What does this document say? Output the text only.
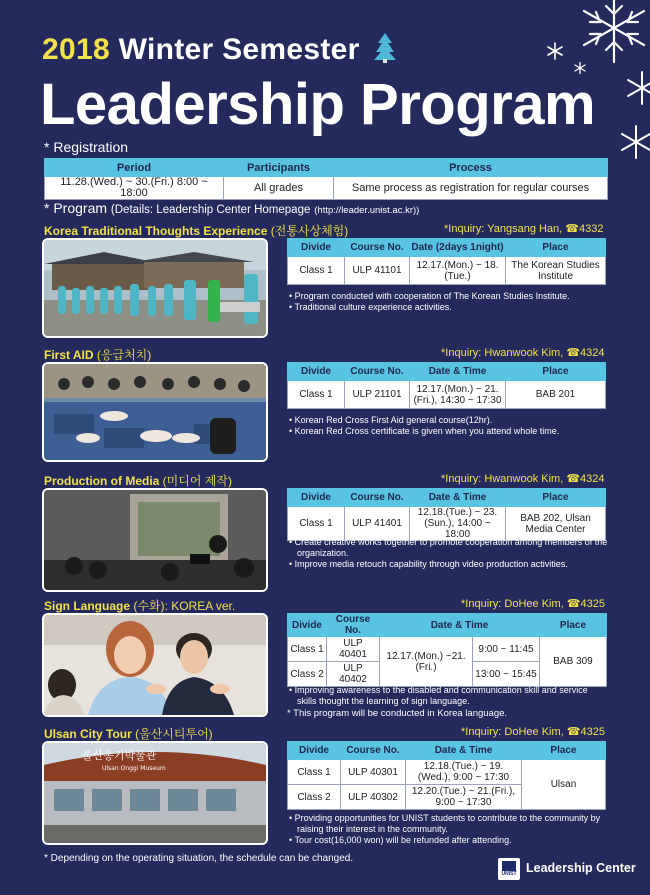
2018 Winter Semester
Leadership Program
* Registration
Period	Participants	Process
11.28.(Wed.) ~ 30.(Fri.) 8:00 ~ 18:00	All grades	Same process as registration for regular courses
* Program (Details: Leadership Center Homepage (http://leader.unist.ac.kr))
Korea Traditional Thoughts Experience (전통사상체험)	*Inquiry: Yangsang Han, ☎4332
Divide	Course No.	Date (2days 1night)	Place
Class 1	ULP 41101	12.17.(Mon.) ~ 18.(Tue.)	The Korean Studies Institute
• Program conducted with cooperation of The Korean Studies Institute.
• Traditional culture experience activities.
First AID (응급처치)	*Inquiry: Hwanwook Kim, ☎4324
Divide	Course No.	Date & Time	Place
Class 1	ULP 21101	12.17.(Mon.) ~ 21.(Fri.), 14:30 ~ 17:30	BAB 201
• Korean Red Cross First Aid general course(12hr).
• Korean Red Cross certificate is given when you attend whole time.
Production of Media (미디어 제작)	*Inquiry: Hwanwook Kim, ☎4324
Divide	Course No.	Date & Time	Place
Class 1	ULP 41401	12.18.(Tue.) ~ 23.(Sun.), 14:00 ~ 18:00	BAB 202, Ulsan Media Center
• Create creative works together to promote cooperation among members of the organization.
• Improve media retouch capability through video production activities.
Sign Language (수화): KOREA ver.	*Inquiry: DoHee Kim, ☎4325
Divide	Course No.	Date & Time		Place
Class 1	ULP 40401	12.17.(Mon.) ~21.(Fri.)	9:00 ~ 11:45	BAB 309
Class 2	ULP 40402		13:00 ~ 15:45	
• Improving awareness to the disabled and communication skill and service skills thought the learning of sign language.
* This program will be conducted in Korea language.
Ulsan City Tour (울산시티투어)	*Inquiry: DoHee Kim, ☎4325
울산옹기박물관
Ulsan Onggi Museum
Divide	Course No.	Date & Time	Place
Class 1	ULP 40301	12.18.(Tue.) ~ 19.(Wed.), 9:00 ~ 17:30	Ulsan
Class 2	ULP 40302	12.20.(Tue.) ~ 21.(Fri.), 9:00 ~ 17:30	
• Providing opportunities for UNIST students to contribute to the community by raising their interest in the community.
• Tour cost(16,000 won) will be refunded after attending.
* Depending on the operating situation, the schedule can be changed.
UNIST Leadership Center
